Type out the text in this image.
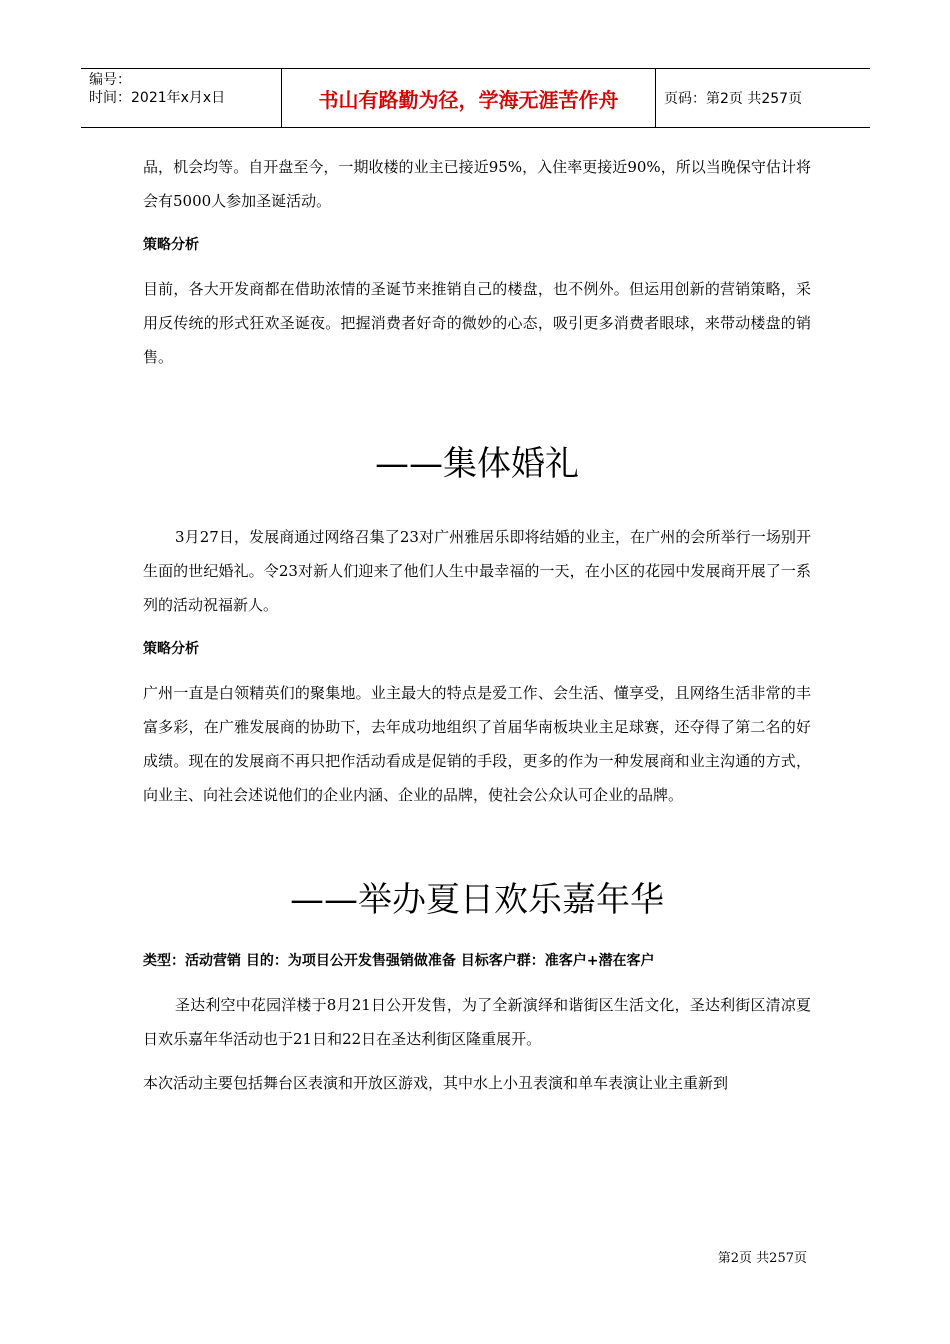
编号：
时间：2021年x月x日	书山有路勤为径，学海无涯苦作舟	页码：第2页 共257页

品，机会均等。自开盘至今，一期收楼的业主已接近95%，入住率更接近90%，所以当晚保守估计将会有5000人参加圣诞活动。

策略分析

目前，各大开发商都在借助浓情的圣诞节来推销自己的楼盘，也不例外。但运用创新的营销策略，采用反传统的形式狂欢圣诞夜。把握消费者好奇的微妙的心态，吸引更多消费者眼球，来带动楼盘的销售。

——集体婚礼

3月27日，发展商通过网络召集了23对广州雅居乐即将结婚的业主，在广州的会所举行一场别开生面的世纪婚礼。令23对新人们迎来了他们人生中最幸福的一天，在小区的花园中发展商开展了一系列的活动祝福新人。

策略分析

广州一直是白领精英们的聚集地。业主最大的特点是爱工作、会生活、懂享受，且网络生活非常的丰富多彩，在广雅发展商的协助下，去年成功地组织了首届华南板块业主足球赛，还夺得了第二名的好成绩。现在的发展商不再只把作活动看成是促销的手段，更多的作为一种发展商和业主沟通的方式，向业主、向社会述说他们的企业内涵、企业的品牌，使社会公众认可企业的品牌。

——举办夏日欢乐嘉年华
类型：活动营销 目的：为项目公开发售强销做准备 目标客户群：准客户+潜在客户

圣达利空中花园洋楼于8月21日公开发售，为了全新演绎和谐街区生活文化，圣达利街区清凉夏日欢乐嘉年华活动也于21日和22日在圣达利街区隆重展开。

本次活动主要包括舞台区表演和开放区游戏，其中水上小丑表演和单车表演让业主重新到

第2页 共257页
